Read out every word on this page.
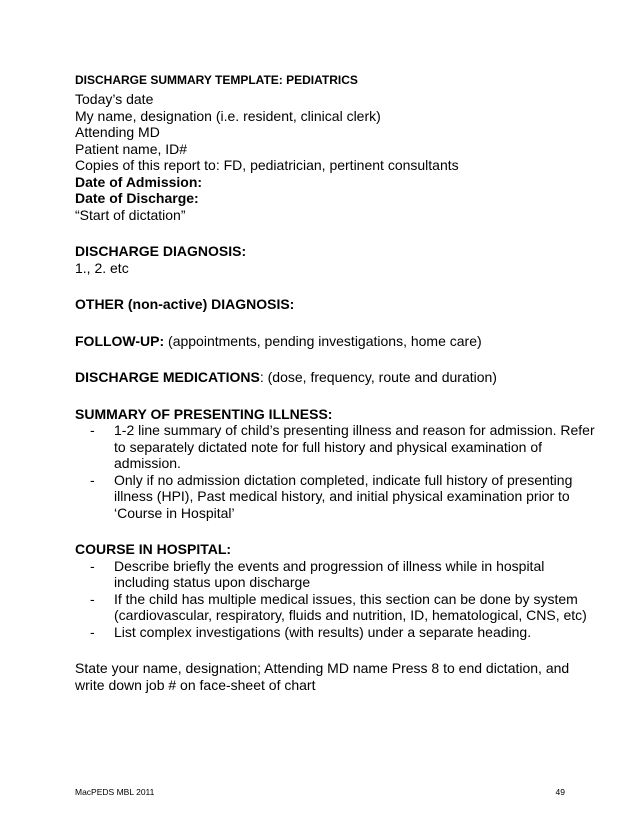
DISCHARGE SUMMARY TEMPLATE: PEDIATRICS
Today’s date
My name, designation (i.e. resident, clinical clerk)
Attending MD
Patient name, ID#
Copies of this report to: FD, pediatrician, pertinent consultants
Date of Admission:
Date of Discharge:
“Start of dictation”
DISCHARGE DIAGNOSIS:
1., 2. etc
OTHER (non-active) DIAGNOSIS:
FOLLOW-UP: (appointments, pending investigations, home care)
DISCHARGE MEDICATIONS: (dose, frequency, route and duration)
SUMMARY OF PRESENTING ILLNESS:
-	1-2 line summary of child’s presenting illness and reason for admission. Refer to separately dictated note for full history and physical examination of admission.
-	Only if no admission dictation completed, indicate full history of presenting illness (HPI), Past medical history, and initial physical examination prior to ‘Course in Hospital’
COURSE IN HOSPITAL:
-	Describe briefly the events and progression of illness while in hospital including status upon discharge
-	If the child has multiple medical issues, this section can be done by system (cardiovascular, respiratory, fluids and nutrition, ID, hematological, CNS, etc)
-	List complex investigations (with results) under a separate heading.
State your name, designation; Attending MD name Press 8 to end dictation, and write down job # on face-sheet of chart
MacPEDS MBL 2011	49
